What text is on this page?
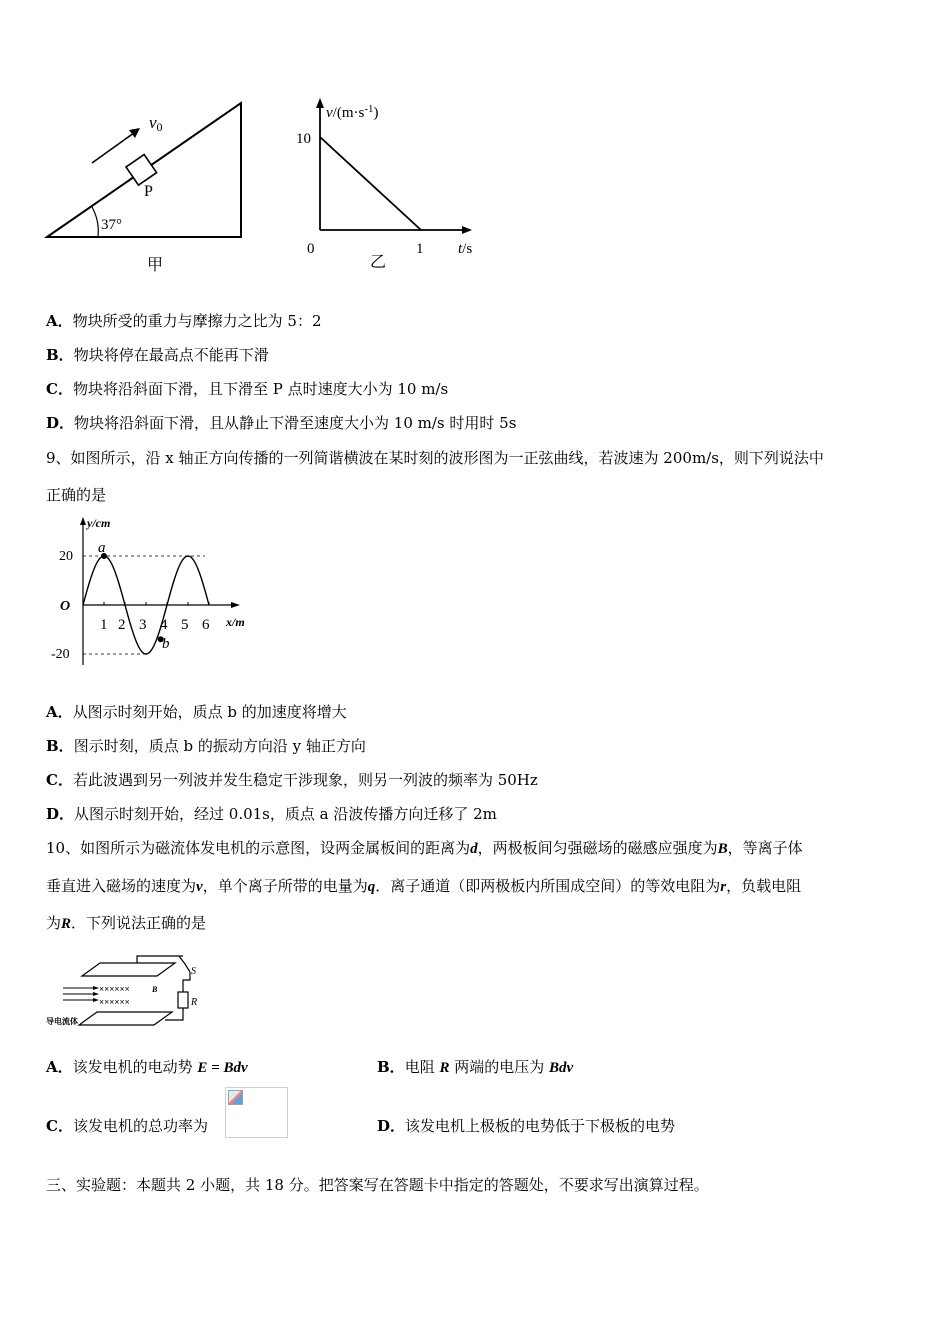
v0
P
37°
甲
$v/(m\cdot s^{-1})$
10
0	1 t/s
乙
A．物块所受的重力与摩擦力之比为 5：2
B．物块将停在最高点不能再下滑
C．物块将沿斜面下滑，且下滑至 P 点时速度大小为 10 m/s
D．物块将沿斜面下滑，且从静止下滑至速度大小为 10 m/s 时用时 5s
9、如图所示，沿 x 轴正方向传播的一列简谐横波在某时刻的波形图为一正弦曲线，若波速为 200m/s，则下列说法中
正确的是
y/cm
20
O
-20
a
b
1 2 3 4 5 6 x/m
A．从图示时刻开始，质点 b 的加速度将增大
B．图示时刻，质点 b 的振动方向沿 y 轴正方向
C．若此波遇到另一列波并发生稳定干涉现象，则另一列波的频率为 50Hz
D．从图示时刻开始，经过 0.01s，质点 a 沿波传播方向迁移了 2m
10、如图所示为磁流体发电机的示意图，设两金属板间的距离为d，两极板间匀强磁场的磁感应强度为B，等离子体
垂直进入磁场的速度为v，单个离子所带的电量为q．离子通道（即两极板内所围成空间）的等效电阻为r，负载电阻
为R．下列说法正确的是
S
R
××××××	B
××××××
导电流体
A．该发电机的电动势 E = Bdv	B．电阻 R 两端的电压为 Bdv
C．该发电机的总功率为	D．该发电机上极板的电势低于下极板的电势
三、实验题：本题共 2 小题，共 18 分。把答案写在答题卡中指定的答题处，不要求写出演算过程。
